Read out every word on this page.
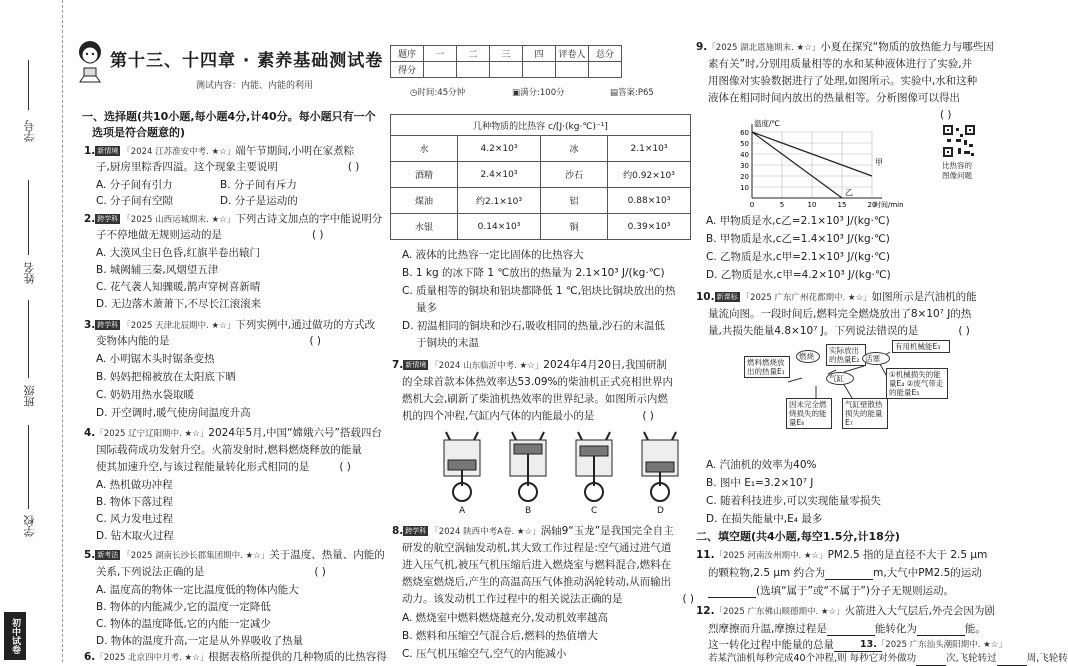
学号
姓名
班级
学校
初中试卷
第十三、十四章 · 素养基础测试卷
测试内容：内能、内能的利用
题序	一	二	三	四	评卷人	总分
得分						
◷时间:45分钟	▣满分:100分	▤答案:P65
一、选择题(共10小题,每小题4分,计40分。每小题只有一个
选项是符合题意的)
1. 新情境 「2024 江苏淮安中考. ★☆」端午节期间,小明在家煮粽
子,厨房里粽香四溢。这个现象主要说明	( )
A. 分子间有引力	B. 分子间有斥力
C. 分子间有空隙	D. 分子是运动的
2. 跨学科 「2025 山西运城期末. ★☆」下列古诗文加点的字中能说明分
子不停地做无规则运动的是	( )
A. 大漠风尘日色昏,红旗半卷出辕门
B. 城阙辅三秦,风烟望五津
C. 花气袭人知骤暖,鹊声穿树喜新晴
D. 无边落木萧萧下,不尽长江滚滚来
3. 跨学科 「2025 天津北辰期中. ★☆」下列实例中,通过做功的方式改
变物体内能的是	( )
A. 小明锯木头时锯条变热
B. 妈妈把棉被放在太阳底下晒
C. 奶奶用热水袋取暖
D. 开空调时,暖气使房间温度升高
4.「2025 辽宁辽阳期中. ★☆」2024年5月,中国“嫦娥六号”搭载四台
国际载荷成功发射升空。火箭发射时,燃料燃烧释放的能量
使其加速升空,与该过程能量转化形式相同的是	( )
A. 热机做功冲程
B. 物体下落过程
C. 风力发电过程
D. 钻木取火过程
5. 新考法 「2025 湖南长沙长郡集团期中. ★☆」关于温度、热量、内能的
关系,下列说法正确的是	( )
A. 温度高的物体一定比温度低的物体内能大
B. 物体的内能减少,它的温度一定降低
C. 物体的温度降低,它的内能一定减少
D. 物体的温度升高,一定是从外界吸收了热量
6.「2025 北京四中月考. ★☆」根据表格所提供的几种物质的比热容得
几种物质的比热容 c/[J·(kg·℃)⁻¹]			
水	4.2×10³	冰	2.1×10³
酒精	2.4×10³	沙石	约0.92×10³
煤油	约2.1×10³	铝	0.88×10³
水银	0.14×10³	铜	0.39×10³
A. 液体的比热容一定比固体的比热容大
B. 1 kg 的冰下降 1 ℃放出的热量为 2.1×10³ J/(kg·℃)
C. 质量相等的铜块和铝块都降低 1 ℃,铝块比铜块放出的热
量多
D. 初温相同的铜块和沙石,吸收相同的热量,沙石的末温低
于铜块的末温
7. 新情境 「2024 山东临沂中考. ★☆」2024年4月20日,我国研制
的全球首款本体热效率达53.09%的柴油机正式亮相世界内
燃机大会,刷新了柴油机热效率的世界纪录。如图所示内燃
机的四个冲程,气缸内气体的内能最小的是	( )
A	B	C	D
8. 跨学科 「2024 陕西中考A卷. ★☆」涡轴9“玉龙”是我国完全自主
研发的航空涡轴发动机,其大致工作过程是:空气通过进气道
进入压气机,被压气机压缩后进入燃烧室与燃料混合,燃料在
燃烧室燃烧后,产生的高温高压气体推动涡轮转动,从而输出
动力。该发动机工作过程中的相关说法正确的是	( )
A. 燃烧室中燃料燃烧越充分,发动机效率越高
B. 燃料和压缩空气混合后,燃料的热值增大
C. 压气机压缩空气,空气的内能减小
9.「2025 湖北恩施期末. ★☆」小夏在探究“物质的放热能力与哪些因
素有关”时,分别用质量相等的水和某种液体进行了实验,并
用图像对实验数据进行了处理,如图所示。实验中,水和这种
液体在相同时间内放出的热量相等。分析图像可以得出
( )
10
20
30
40
50
60
0	5	10	15	20
温度/℃
时间/min
甲
乙
比热容的
图像问题
A. 甲物质是水,c乙=2.1×10³ J/(kg·℃)
B. 甲物质是水,c乙=1.4×10³ J/(kg·℃)
C. 乙物质是水,c甲=2.1×10³ J/(kg·℃)
D. 乙物质是水,c甲=4.2×10³ J/(kg·℃)
10. 新课标 「2025 广东广州花都期中. ★☆」如图所示是汽油机的能
量流向图。一段时间后,燃料完全燃烧放出了8×10⁷ J的热
量,共损失能量4.8×10⁷ J。下列说法错误的是	( )
燃料燃烧放出的热量E₁
燃烧
实际放出的热量E₂
气缸
活塞
有用机械能E₃
①机械损失的能量E₄ ②废气带走的能量E₅
因未完全燃烧损失的能量E₆
气缸壁散热损失的能量E₇
A. 汽油机的效率为40%
B. 图中 E₁=3.2×10⁷ J
C. 随着科技进步,可以实现能量零损失
D. 在损失能量中,E₄ 最多
二、填空题(共4小题,每空1.5分,计18分)
11.「2025 河南汝州期中. ★☆」PM2.5 指的是直径不大于 2.5 μm
的颗粒物,2.5 μm 约合为	m,大气中PM2.5的运动
(选填“属于”或“不属于”)分子无规则运动。
12.「2025 广东佛山顺德期中. ★☆」火箭进入大气层后,外壳会因为剧
烈摩擦而升温,摩擦过程是	能转化为	能。
这一转化过程中能量的总量	13.「2025 广东汕头潮阳期中. ★☆」
若某汽油机每秒完成40个冲程,则 每秒它对外做功	次,飞轮转过	周,飞轮转
